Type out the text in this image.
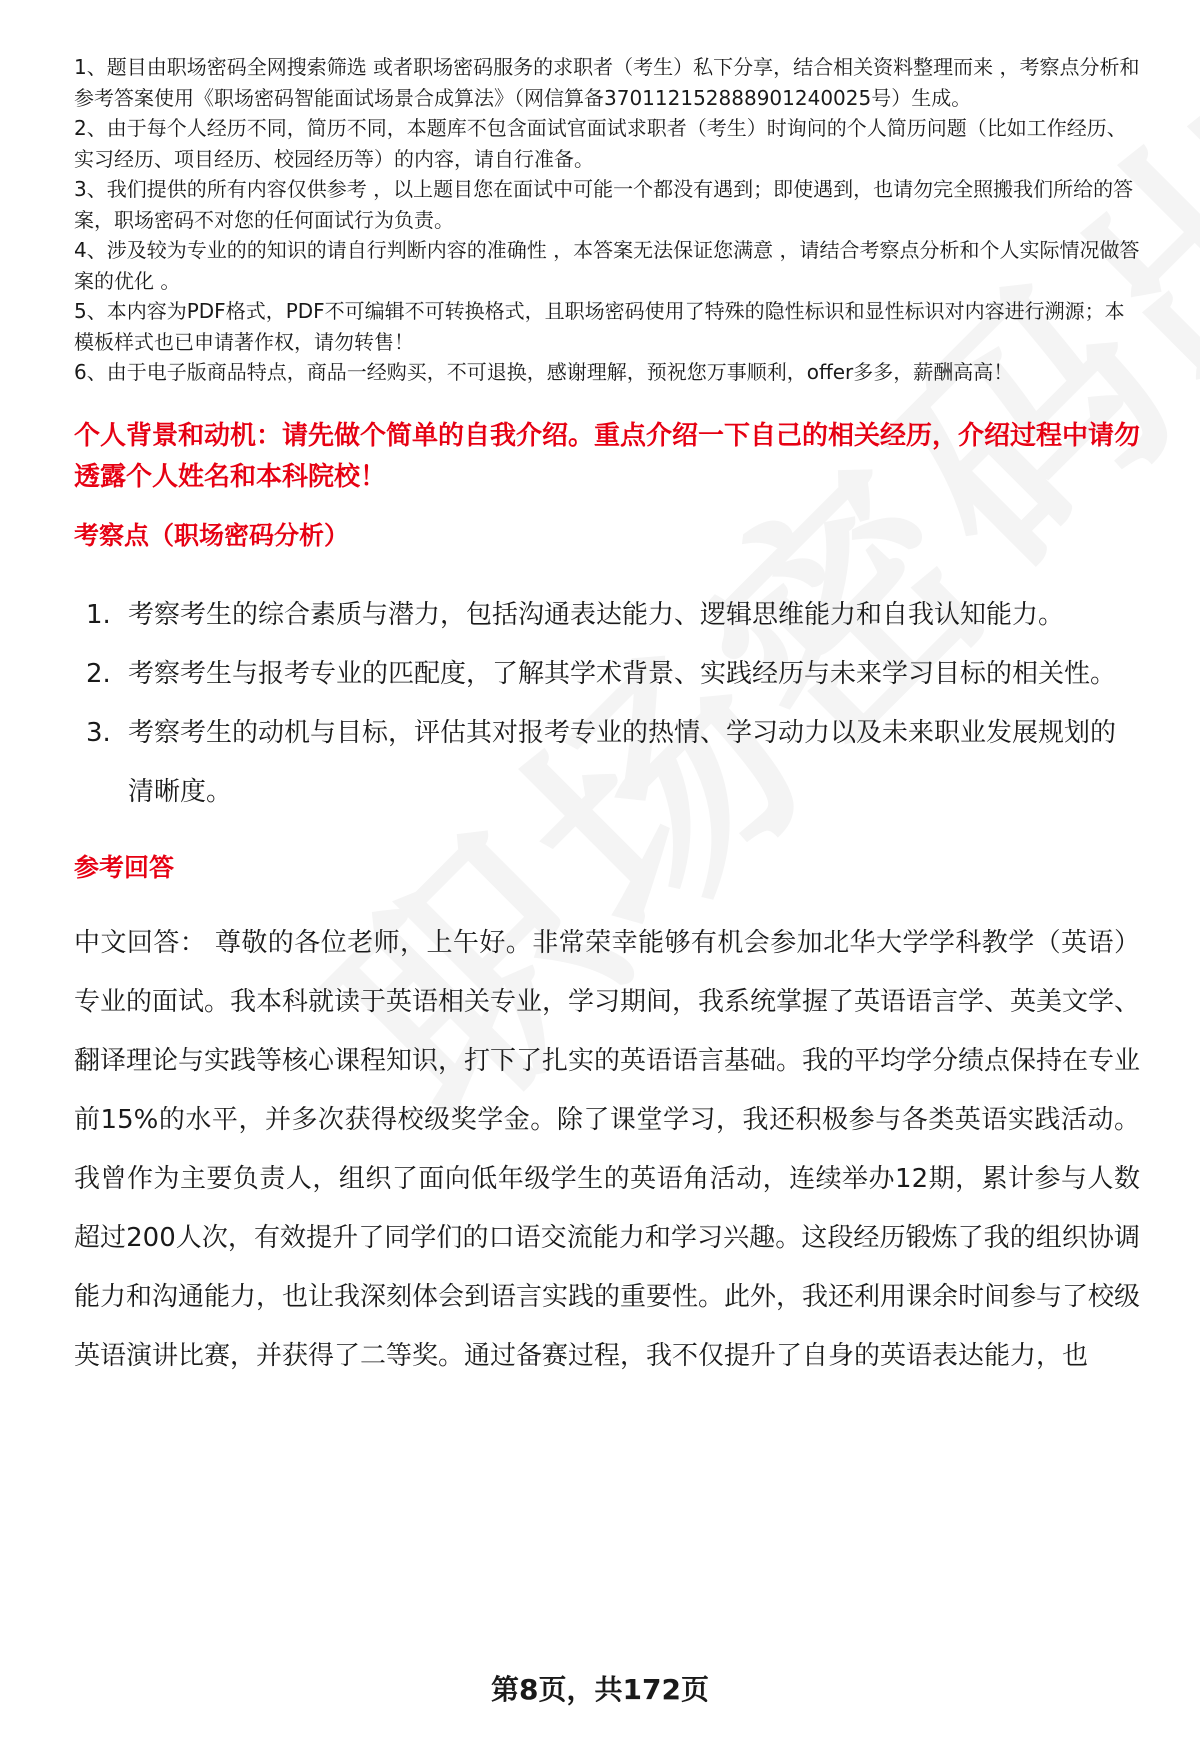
1、题目由职场密码全网搜索筛选 或者职场密码服务的求职者（考生）私下分享，结合相关资料整理而来 ，考察点分析和参考答案使用《职场密码智能面试场景合成算法》（网信算备370112152888901240025号）生成。

2、由于每个人经历不同，简历不同，本题库不包含面试官面试求职者（考生）时询问的个人简历问题（比如工作经历、实习经历、项目经历、校园经历等）的内容，请自行准备。

3、我们提供的所有内容仅供参考 ，以上题目您在面试中可能一个都没有遇到；即使遇到，也请勿完全照搬我们所给的答案，职场密码不对您的任何面试行为负责。

4、涉及较为专业的的知识的请自行判断内容的准确性 ，本答案无法保证您满意 ，请结合考察点分析和个人实际情况做答案的优化 。

5、本内容为PDF格式，PDF不可编辑不可转换格式，且职场密码使用了特殊的隐性标识和显性标识对内容进行溯源；本模板样式也已申请著作权，请勿转售！

6、由于电子版商品特点，商品一经购买，不可退换，感谢理解，预祝您万事顺利，offer多多，薪酬高高！

个人背景和动机：请先做个简单的自我介绍。重点介绍一下自己的相关经历，介绍过程中请勿透露个人姓名和本科院校！
考察点（职场密码分析）
1. 考察考生的综合素质与潜力，包括沟通表达能力、逻辑思维能力和自我认知能力。
2. 考察考生与报考专业的匹配度，了解其学术背景、实践经历与未来学习目标的相关性。
3. 考察考生的动机与目标，评估其对报考专业的热情、学习动力以及未来职业发展规划的清晰度。
参考回答

中文回答： 尊敬的各位老师，上午好。非常荣幸能够有机会参加北华大学学科教学（英语）专业的面试。我本科就读于英语相关专业，学习期间，我系统掌握了英语语言学、英美文学、翻译理论与实践等核心课程知识，打下了扎实的英语语言基础。我的平均学分绩点保持在专业前15%的水平，并多次获得校级奖学金。除了课堂学习，我还积极参与各类英语实践活动。我曾作为主要负责人，组织了面向低年级学生的英语角活动，连续举办12期，累计参与人数超过200人次，有效提升了同学们的口语交流能力和学习兴趣。这段经历锻炼了我的组织协调能力和沟通能力，也让我深刻体会到语言实践的重要性。此外，我还利用课余时间参与了校级英语演讲比赛，并获得了二等奖。通过备赛过程，我不仅提升了自身的英语表达能力，也

第8页，共172页
